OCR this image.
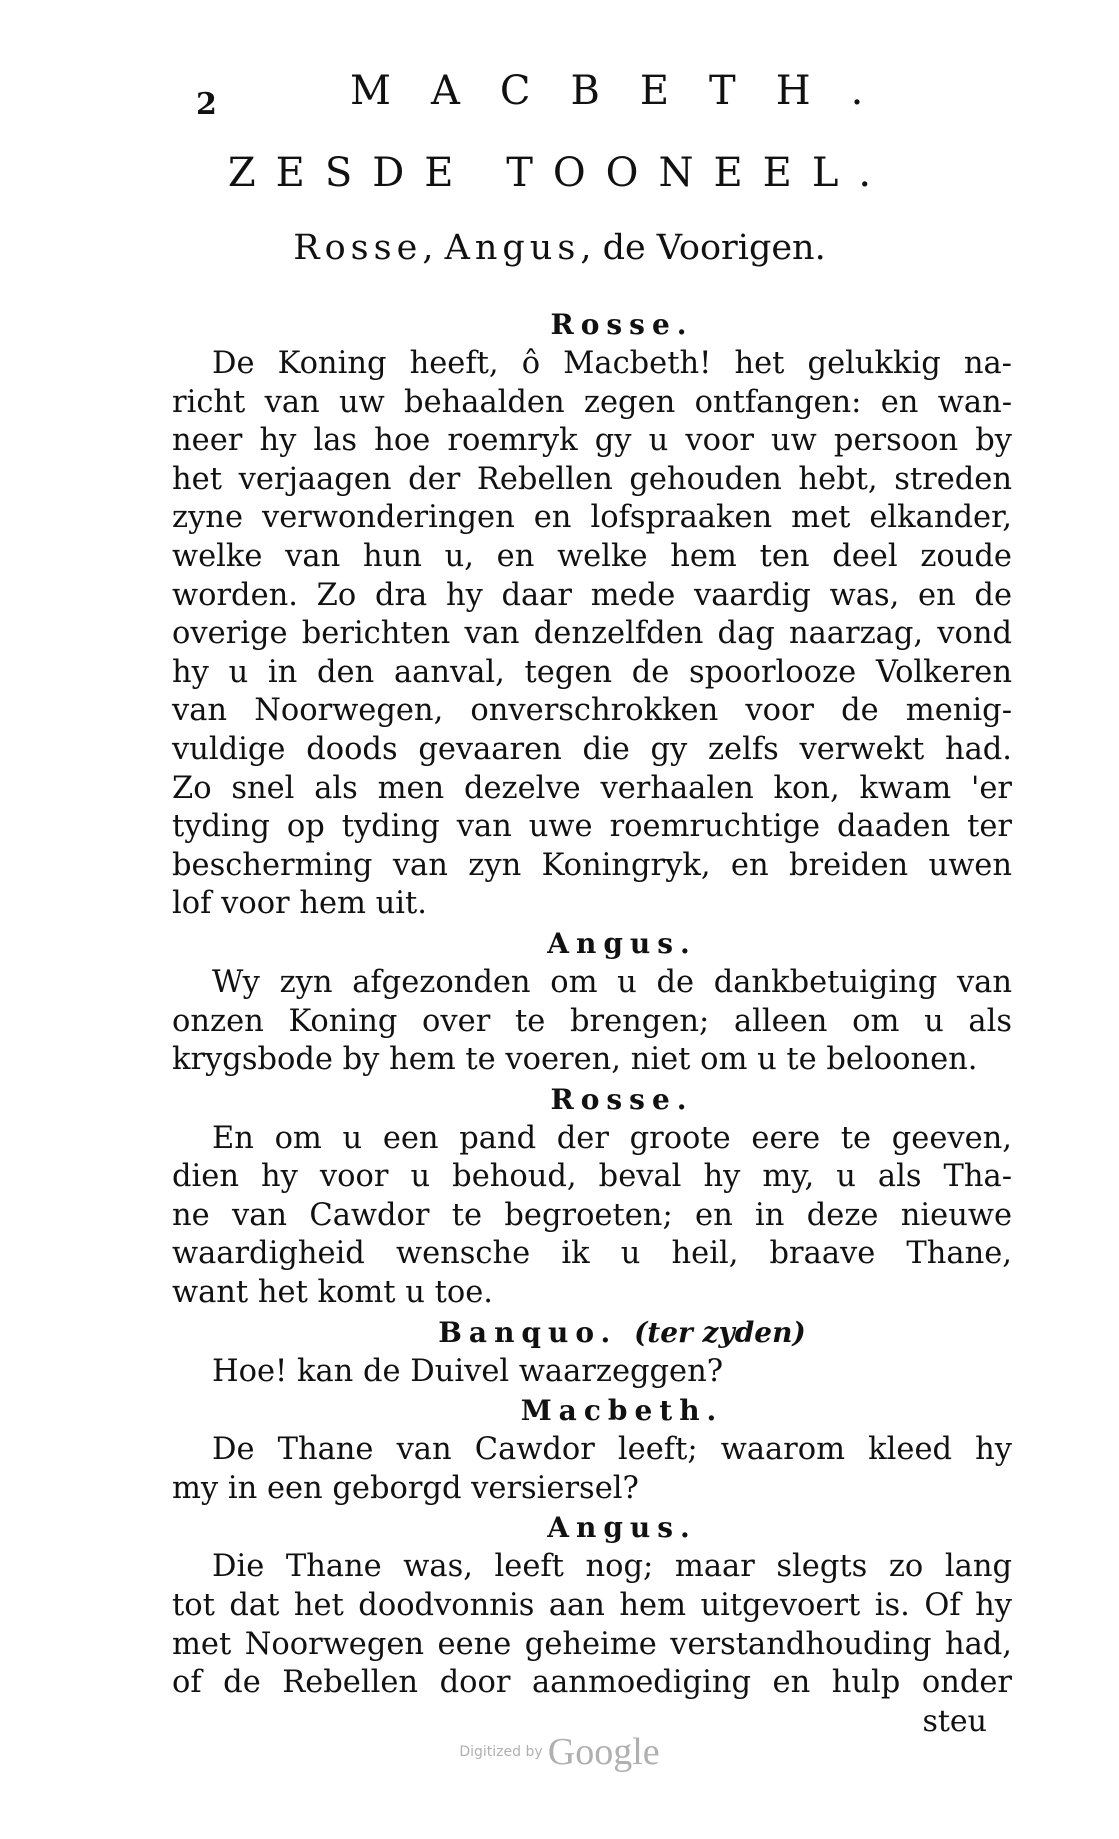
2	MACBETH.
ZESDE TOONEEL.
Rosse, Angus, de Voorigen.
Rosse.
De Koning heeft, ô Macbeth! het gelukkig na-
richt van uw behaalden zegen ontfangen: en wan-
neer hy las hoe roemryk gy u voor uw persoon by
het verjaagen der Rebellen gehouden hebt, streden
zyne verwonderingen en lofspraaken met elkander,
welke van hun u, en welke hem ten deel zoude
worden. Zo dra hy daar mede vaardig was, en de
overige berichten van denzelfden dag naarzag, vond
hy u in den aanval, tegen de spoorlooze Volkeren
van Noorwegen, onverschrokken voor de menig-
vuldige doods gevaaren die gy zelfs verwekt had.
Zo snel als men dezelve verhaalen kon, kwam 'er
tyding op tyding van uwe roemruchtige daaden ter
bescherming van zyn Koningryk, en breiden uwen
lof voor hem uit.
Angus.
Wy zyn afgezonden om u de dankbetuiging van
onzen Koning over te brengen; alleen om u als
krygsbode by hem te voeren, niet om u te beloonen.
Rosse.
En om u een pand der groote eere te geeven,
dien hy voor u behoud, beval hy my, u als Tha-
ne van Cawdor te begroeten; en in deze nieuwe
waardigheid wensche ik u heil, braave Thane,
want het komt u toe.
Banquo. (ter zyden)
Hoe! kan de Duivel waarzeggen?
Macbeth.
De Thane van Cawdor leeft; waarom kleed hy
my in een geborgd versiersel?
Angus.
Die Thane was, leeft nog; maar slegts zo lang
tot dat het doodvonnis aan hem uitgevoert is. Of hy
met Noorwegen eene geheime verstandhouding had,
of de Rebellen door aanmoediging en hulp onder
steu
Digitized by Google
